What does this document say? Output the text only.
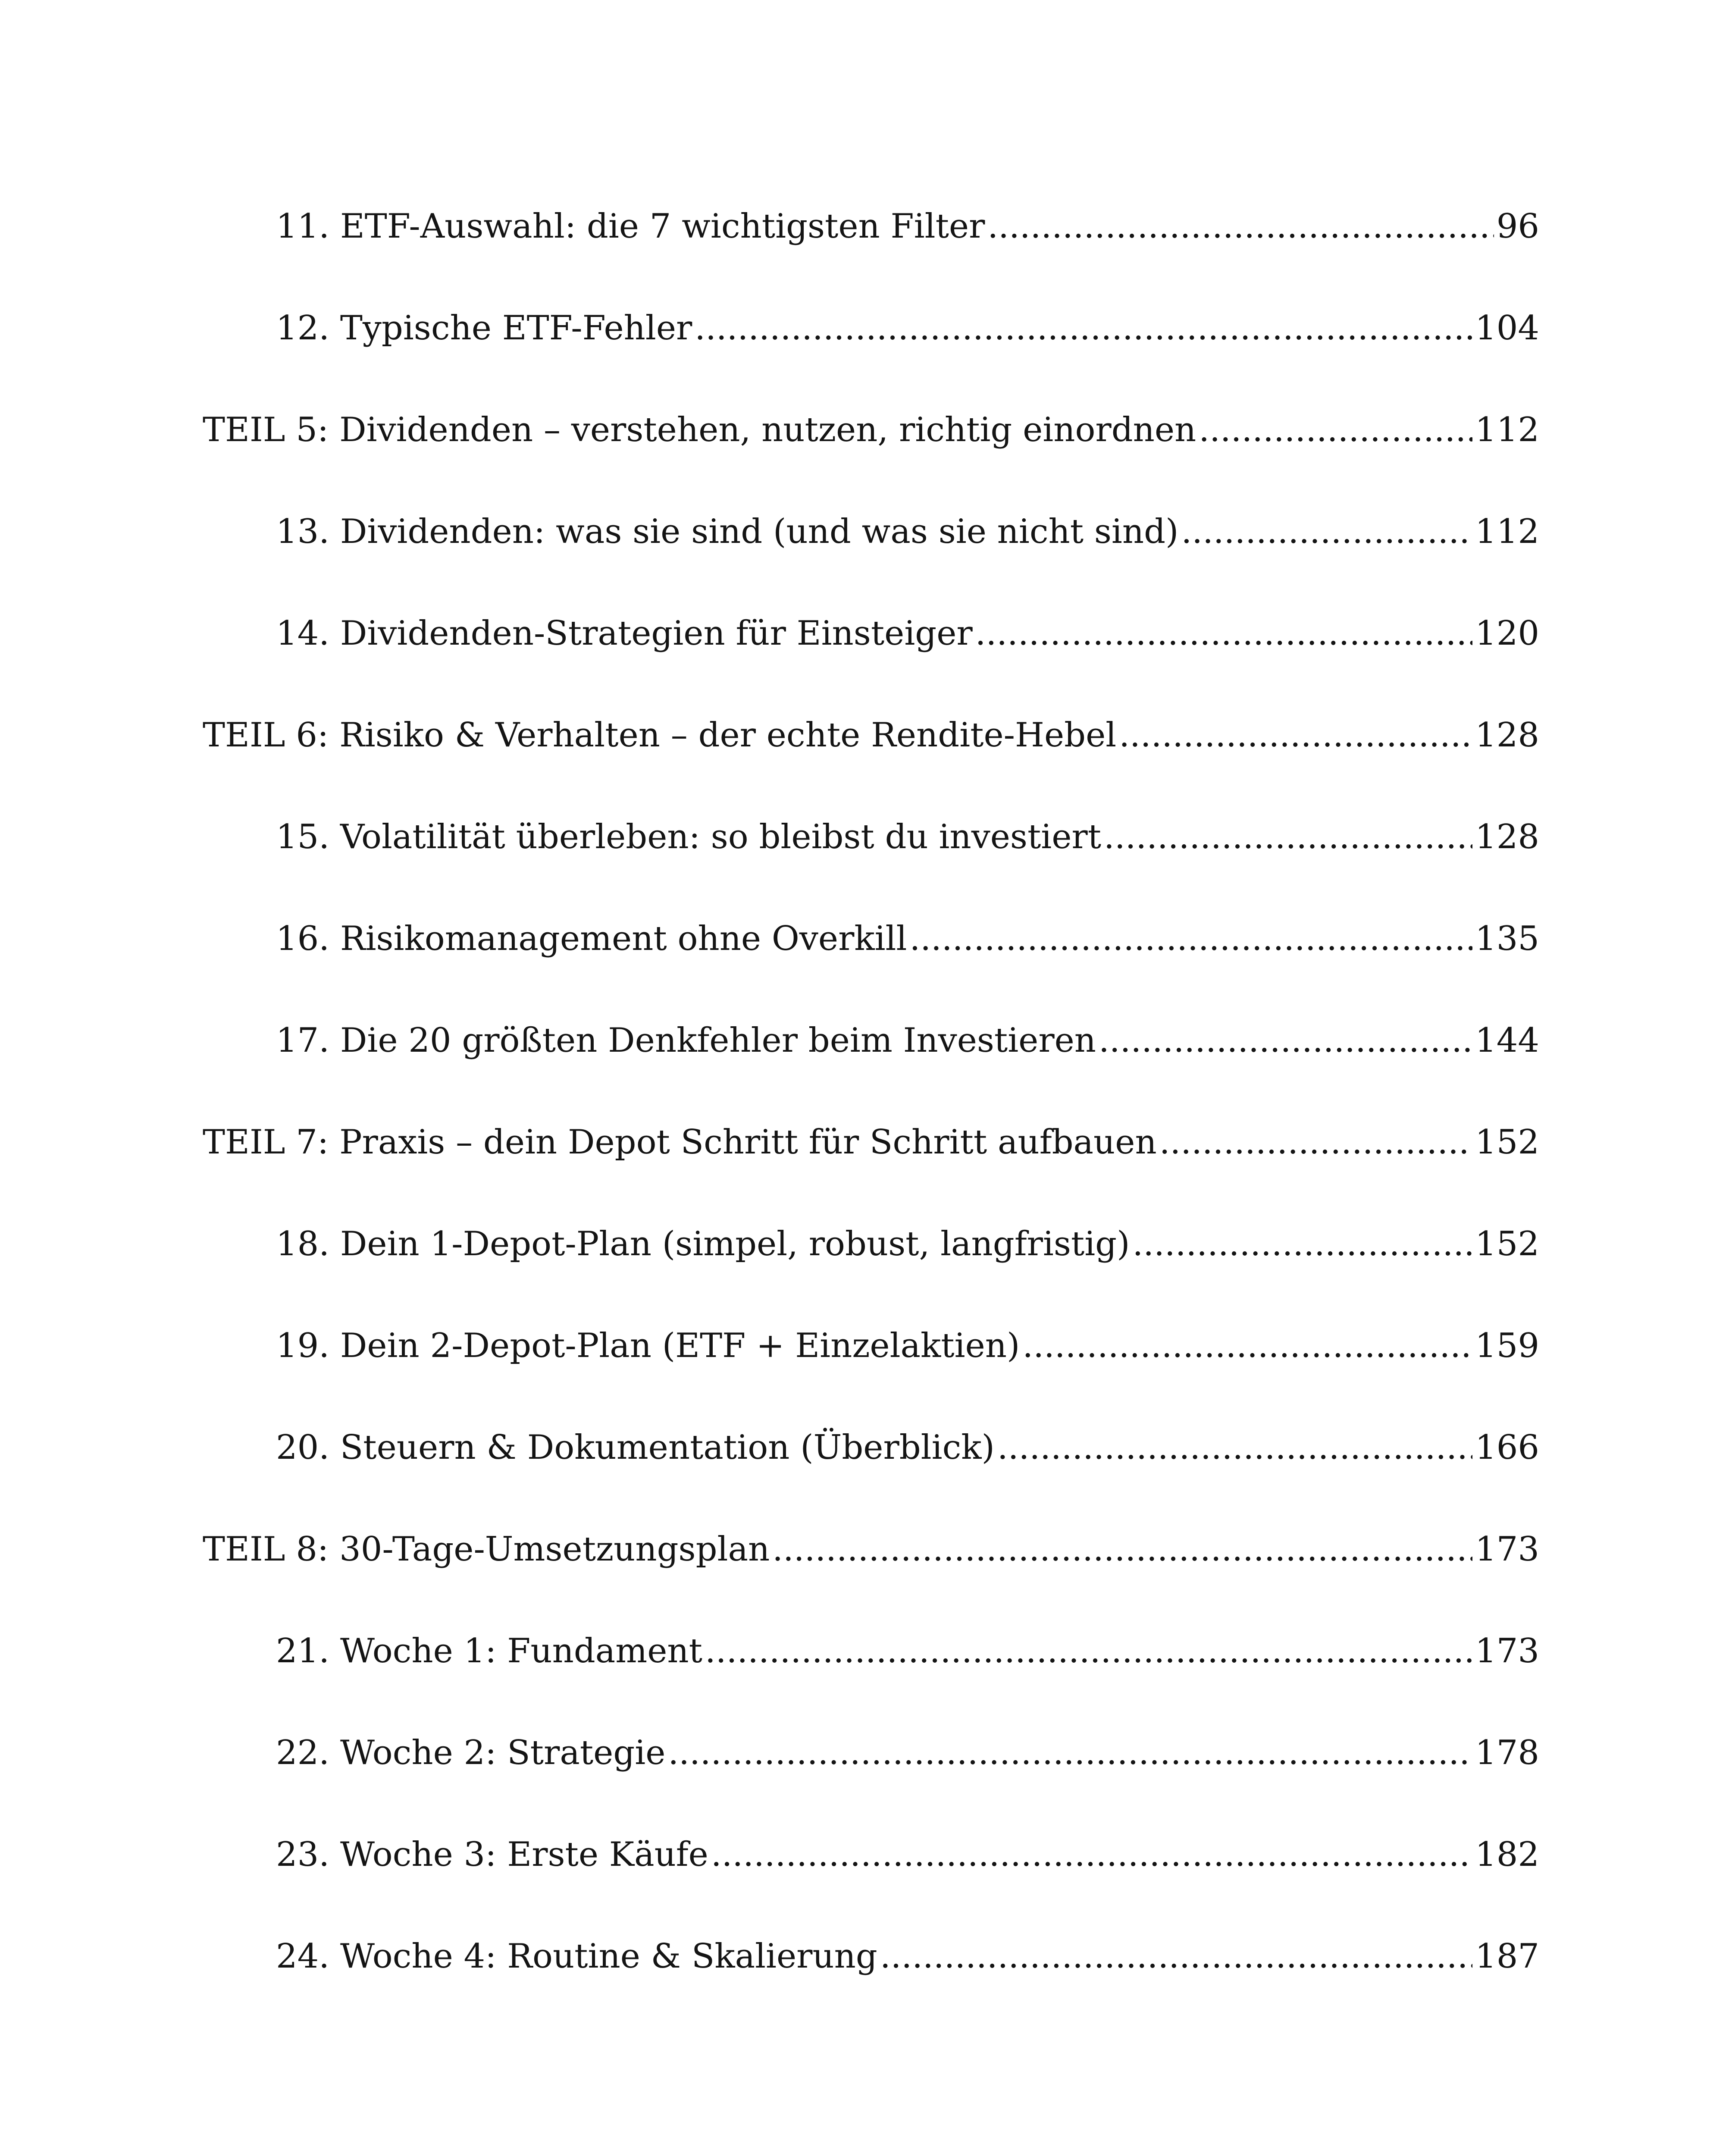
11. ETF-Auswahl: die 7 wichtigsten Filter .....	96
12. Typische ETF-Fehler .....	104
TEIL 5: Dividenden – verstehen, nutzen, richtig einordnen .....	112
13. Dividenden: was sie sind (und was sie nicht sind) .....	112
14. Dividenden-Strategien für Einsteiger .....	120
TEIL 6: Risiko & Verhalten – der echte Rendite-Hebel .....	128
15. Volatilität überleben: so bleibst du investiert .....	128
16. Risikomanagement ohne Overkill .....	135
17. Die 20 größten Denkfehler beim Investieren .....	144
TEIL 7: Praxis – dein Depot Schritt für Schritt aufbauen .....	152
18. Dein 1-Depot-Plan (simpel, robust, langfristig) .....	152
19. Dein 2-Depot-Plan (ETF + Einzelaktien) .....	159
20. Steuern & Dokumentation (Überblick) .....	166
TEIL 8: 30-Tage-Umsetzungsplan .....	173
21. Woche 1: Fundament .....	173
22. Woche 2: Strategie .....	178
23. Woche 3: Erste Käufe .....	182
24. Woche 4: Routine & Skalierung .....	187
